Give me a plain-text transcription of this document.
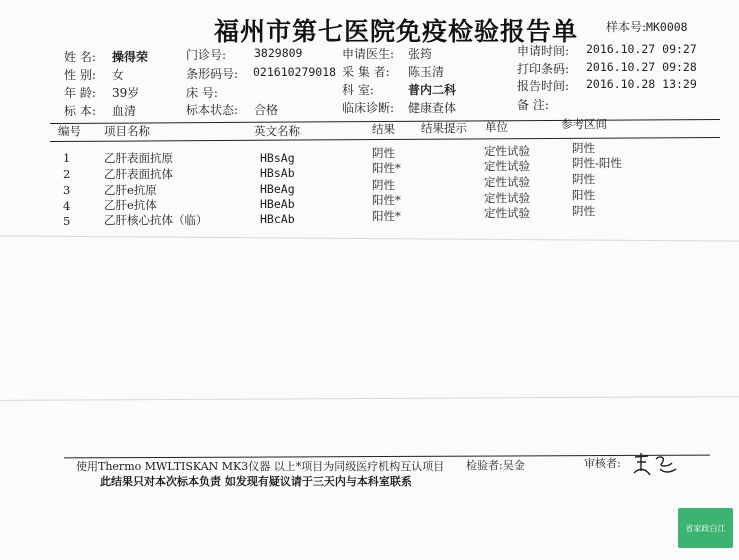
福州市第七医院免疫检验报告单 样本号:MK0008
姓 名: 操得荣
性 别: 女
年 龄: 39岁
标 本: 血清
门诊号: 3829809
条形码号: 021610279018
床 号:
标本状态: 合格
申请医生: 张筠
采 集 者: 陈玉清
科 室:	普内二科
临床诊断: 健康查体
申请时间: 2016.10.27 09:27
打印条码: 2016.10.27 09:28
报告时间: 2016.10.28 13:29
备 注:
编号 项目名称	英文名称	结果 结果提示 单位	参考区间
1	乙肝表面抗原	HBsAg	阴性	定性试验	阴性
2	乙肝表面抗体	HBsAb	阳性*	定性试验	阴性-阳性
3	乙肝e抗原	HBeAg	阴性	定性试验	阴性
4	乙肝e抗体	HBeAb	阳性*	定性试验	阳性
5	乙肝核心抗体（临）	HBcAb	阳性*	定性试验	阴性
使用Thermo MWLTISKAN MK3仪器 以上*项目为同级医疗机构互认项目 检验者:吴金	审核者:
此结果只对本次标本负责 如发现有疑议请于三天内与本科室联系
省家政白江
